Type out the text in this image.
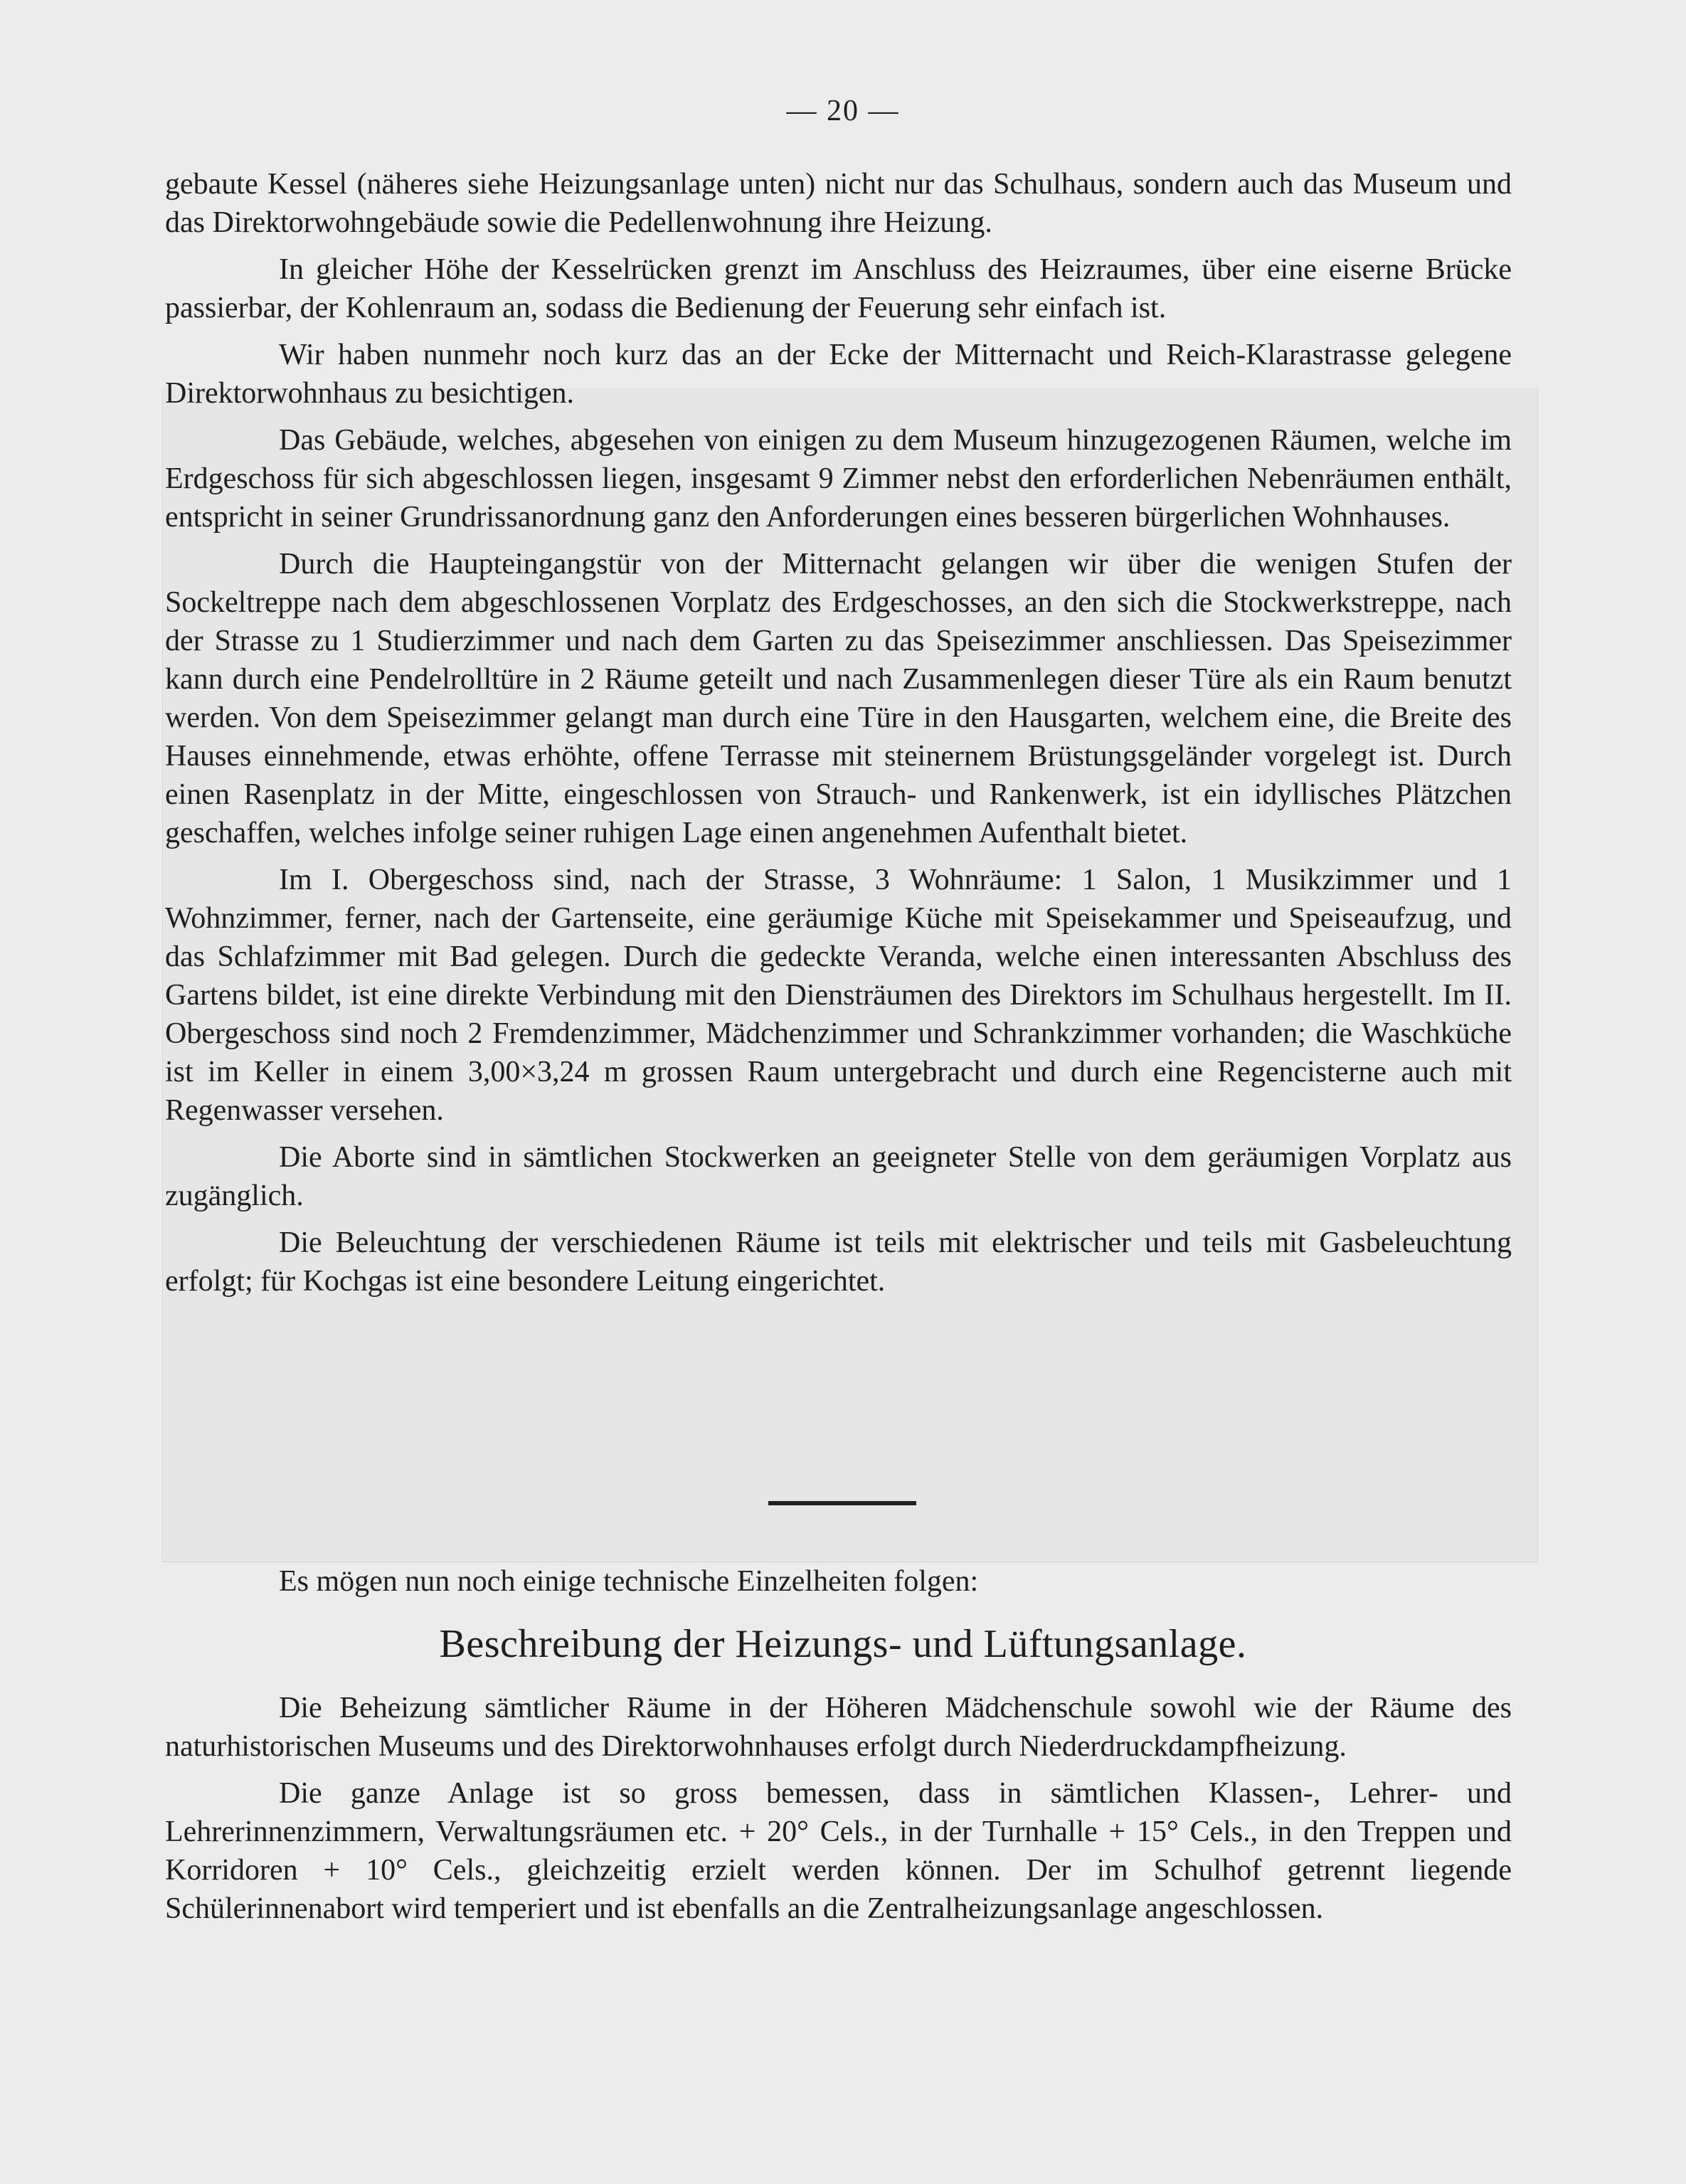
— 20 —

gebaute Kessel (näheres siehe Heizungsanlage unten) nicht nur das Schulhaus, sondern auch das Museum und das Direktorwohngebäude sowie die Pedellenwohnung ihre Heizung.

In gleicher Höhe der Kesselrücken grenzt im Anschluss des Heizraumes, über eine eiserne Brücke passierbar, der Kohlenraum an, sodass die Bedienung der Feuerung sehr einfach ist.

Wir haben nunmehr noch kurz das an der Ecke der Mitternacht und Reich-Klarastrasse gelegene Direktorwohnhaus zu besichtigen.

Das Gebäude, welches, abgesehen von einigen zu dem Museum hinzugezogenen Räumen, welche im Erdgeschoss für sich abgeschlossen liegen, insgesamt 9 Zimmer nebst den erforderlichen Nebenräumen enthält, entspricht in seiner Grundrissanordnung ganz den Anforderungen eines besseren bürgerlichen Wohnhauses.

Durch die Haupteingangstür von der Mitternacht gelangen wir über die wenigen Stufen der Sockeltreppe nach dem abgeschlossenen Vorplatz des Erdgeschosses, an den sich die Stockwerkstreppe, nach der Strasse zu 1 Studierzimmer und nach dem Garten zu das Speisezimmer anschliessen. Das Speisezimmer kann durch eine Pendelrolltüre in 2 Räume geteilt und nach Zusammenlegen dieser Türe als ein Raum benutzt werden. Von dem Speisezimmer gelangt man durch eine Türe in den Hausgarten, welchem eine, die Breite des Hauses einnehmende, etwas erhöhte, offene Terrasse mit steinernem Brüstungsgeländer vorgelegt ist. Durch einen Rasenplatz in der Mitte, eingeschlossen von Strauch- und Rankenwerk, ist ein idyllisches Plätzchen geschaffen, welches infolge seiner ruhigen Lage einen angenehmen Aufenthalt bietet.

Im I. Obergeschoss sind, nach der Strasse, 3 Wohnräume: 1 Salon, 1 Musikzimmer und 1 Wohnzimmer, ferner, nach der Gartenseite, eine geräumige Küche mit Speisekammer und Speiseaufzug, und das Schlafzimmer mit Bad gelegen. Durch die gedeckte Veranda, welche einen interessanten Abschluss des Gartens bildet, ist eine direkte Verbindung mit den Diensträumen des Direktors im Schulhaus hergestellt. Im II. Obergeschoss sind noch 2 Fremdenzimmer, Mädchenzimmer und Schrankzimmer vorhanden; die Waschküche ist im Keller in einem 3,00×3,24 m grossen Raum untergebracht und durch eine Regencisterne auch mit Regenwasser versehen.

Die Aborte sind in sämtlichen Stockwerken an geeigneter Stelle von dem geräumigen Vorplatz aus zugänglich.

Die Beleuchtung der verschiedenen Räume ist teils mit elektrischer und teils mit Gasbeleuchtung erfolgt; für Kochgas ist eine besondere Leitung eingerichtet.

Es mögen nun noch einige technische Einzelheiten folgen:
Beschreibung der Heizungs- und Lüftungsanlage.

Die Beheizung sämtlicher Räume in der Höheren Mädchenschule sowohl wie der Räume des naturhistorischen Museums und des Direktorwohnhauses erfolgt durch Niederdruckdampfheizung.

Die ganze Anlage ist so gross bemessen, dass in sämtlichen Klassen-, Lehrer- und Lehrerinnenzimmern, Verwaltungsräumen etc. + 20° Cels., in der Turnhalle + 15° Cels., in den Treppen und Korridoren + 10° Cels., gleichzeitig erzielt werden können. Der im Schulhof getrennt liegende Schülerinnenabort wird temperiert und ist ebenfalls an die Zentralheizungsanlage angeschlossen.
